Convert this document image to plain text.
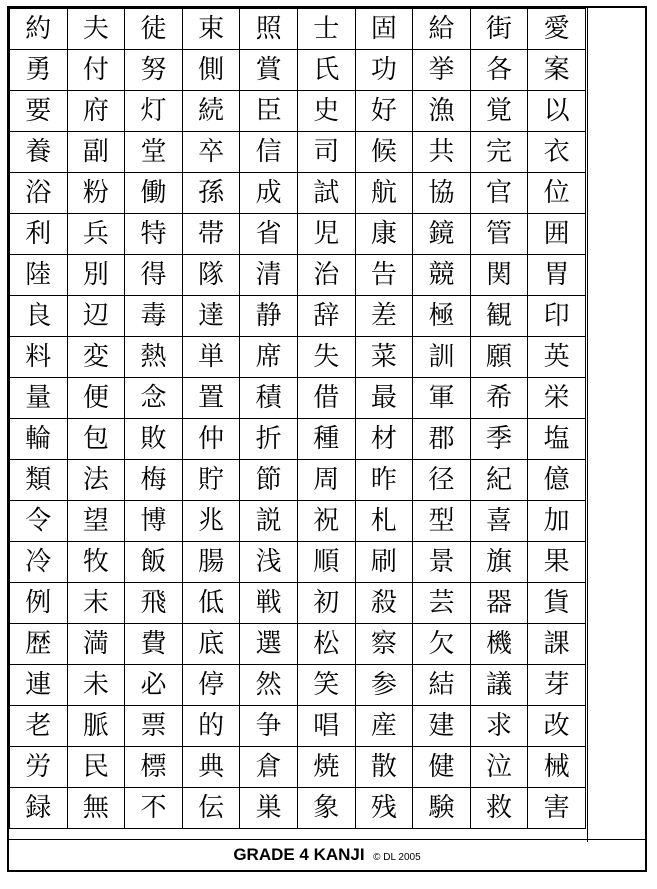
約	夫	徒	束	照	士	固	給	街	愛
勇	付	努	側	賞	氏	功	挙	各	案
要	府	灯	続	臣	史	好	漁	覚	以
養	副	堂	卒	信	司	候	共	完	衣
浴	粉	働	孫	成	試	航	協	官	位
利	兵	特	帯	省	児	康	鏡	管	囲
陸	別	得	隊	清	治	告	競	関	胃
良	辺	毒	達	静	辞	差	極	観	印
料	変	熱	単	席	失	菜	訓	願	英
量	便	念	置	積	借	最	軍	希	栄
輪	包	敗	仲	折	種	材	郡	季	塩
類	法	梅	貯	節	周	昨	径	紀	億
令	望	博	兆	説	祝	札	型	喜	加
冷	牧	飯	腸	浅	順	刷	景	旗	果
例	末	飛	低	戦	初	殺	芸	器	貨
歴	満	費	底	選	松	察	欠	機	課
連	未	必	停	然	笑	参	結	議	芽
老	脈	票	的	争	唱	産	建	求	改
労	民	標	典	倉	焼	散	健	泣	械
録	無	不	伝	巣	象	残	験	救	害
GRADE 4 KANJI © DL 2005
